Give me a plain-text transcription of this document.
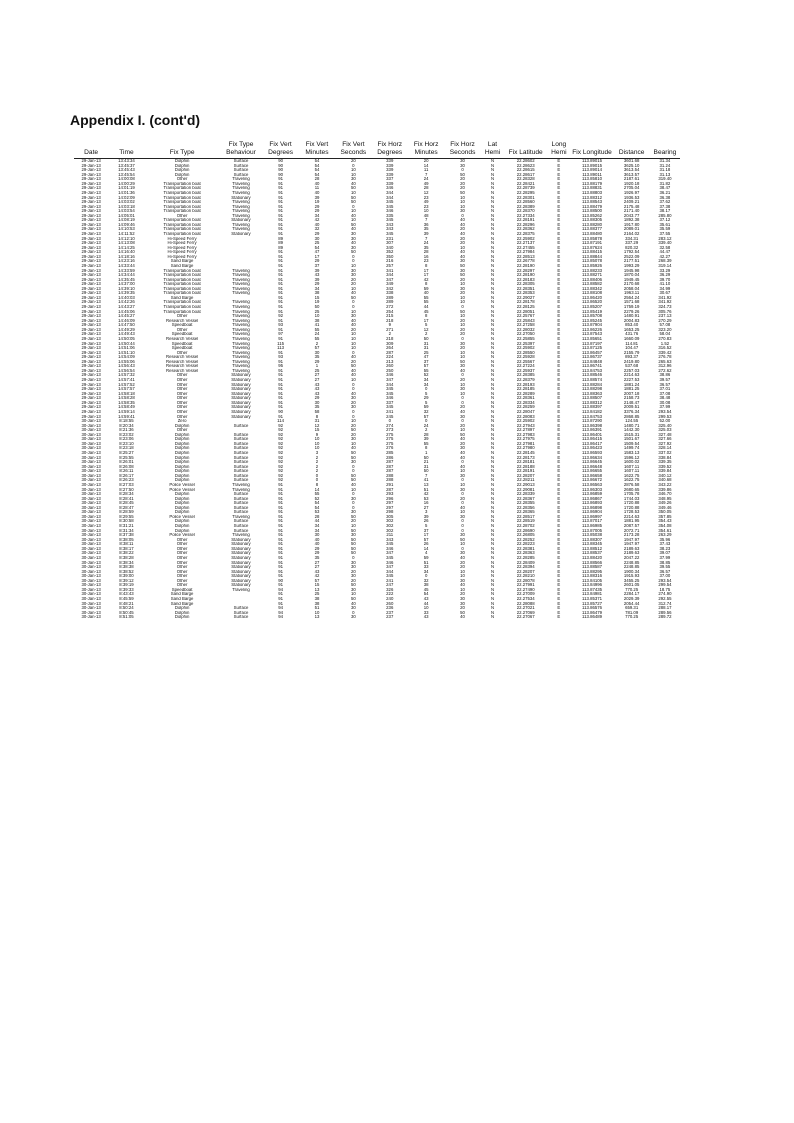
Appendix I. (cont'd)
Date	Time	Fix Type	Fix Type Behaviour	Fix Vert Degrees	Fix Vert Minutes	Fix Vert Seconds	Fix Horz Degrees	Fix Horz Minutes	Fix Horz Seconds	Lat Hemi	Fix Latitude	Long Hemi	Fix Longitude	Distance	Bearing
29-Jan-13	13:43:34	Dolphin	Surface	90	54	20	339	20	30	N	22.28602	E	113.89015	3601.68	31.34
29-Jan-13	13:45:37	Dolphin	Surface	90	54	0	339	14	30	N	22.28623	E	113.89015	3625.10	31.24
29-Jan-13	13:45:43	Dolphin	Surface	90	54	10	339	11	0	N	22.28615	E	113.89014	3613.54	31.18
29-Jan-13	13:45:54	Dolphin	Surface	90	54	10	339	7	50	N	22.28617	E	113.89011	3613.57	31.13
29-Jan-13	14:00:08	Other	Traveling	91	28	30	337	24	20	N	22.28328	E	113.85810	2187.61	319.40
29-Jan-13	14:00:29	Transportation boat	Traveling	91	40	40	339	49	20	N	22.28421	E	113.88179	1920.18	31.82
29-Jan-13	14:01:19	Transportation boat	Traveling	91	11	50	346	28	20	N	22.28739	E	113.88831	2705.04	38.47
29-Jan-13	14:01:36	Transportation boat	Traveling	91	40	10	344	12	50	N	22.28295	E	113.88803	1926.97	36.21
29-Jan-13	14:02:09	Transportation boat	Stationary	91	39	50	344	23	10	N	22.28301	E	113.88312	1936.53	36.38
29-Jan-13	14:03:02	Transportation boat	Traveling	91	19	50	345	49	10	N	22.28560	E	113.88543	2409.21	37.62
29-Jan-13	14:03:18	Transportation boat	Traveling	91	29	0	345	23	10	N	22.28389	E	113.88479	2175.48	37.38
29-Jan-13	14:03:54	Transportation boat	Traveling	91	29	10	346	10	30	N	22.28370	E	113.88500	2171.40	38.17
29-Jan-13	14:05:01	Other	Traveling	91	34	40	335	48	0	N	22.27334	E	113.85262	2043.77	285.80
29-Jan-13	14:08:19	Transportation boat	Stationary	91	42	10	345	7	40	N	22.28191	E	113.88305	1892.38	37.12
29-Jan-13	14:09:46	Transportation boat	Traveling	91	40	50	343	36	40	N	22.28296	E	113.88280	1917.80	35.61
29-Jan-13	14:10:53	Transportation boat	Traveling	91	32	40	343	35	20	N	22.28362	E	113.88377	2089.01	35.59
29-Jan-13	14:11:52	Transportation boat	Stationary	91	29	30	345	39	40	N	22.28375	E	113.88480	2164.02	37.55
29-Jan-13	14:12:10	Hi-Speed Ferry		89	30	30	231	7	20	N	22.25902	E	113.85878	334.31	283.12
29-Jan-13	14:13:08	Hi-Speed Ferry		89	25	40	307	24	20	N	22.27137	E	113.87191	337.29	339.40
29-Jan-13	14:14:25	Hi-Speed Ferry		89	54	30	340	35	10	N	22.27455	E	113.87624	820.32	32.58
29-Jan-13	14:16:40	Hi-Speed Ferry		91	47	50	352	28	40	N	22.27984	E	113.88415	1792.54	44.47
29-Jan-13	14:18:16	Hi-Speed Ferry		91	17	0	350	16	40	N	22.28513	E	113.88844	2522.09	42.27
29-Jan-13	14:23:16	Sand Barge		91	29	0	216	23	30	N	22.26778	E	113.85078	2177.51	268.39
29-Jan-13	14:33:44	Sand Barge		91	37	10	257	8	50	N	22.28190	E	113.85926	1993.29	319.14
29-Jan-13	14:33:59	Transportation boat	Traveling	91	39	30	341	17	30	N	22.28297	E	113.88233	1945.98	33.29
29-Jan-13	14:34:44	Transportation boat	Traveling	91	43	30	344	17	50	N	22.28190	E	113.88271	1870.04	36.29
29-Jan-13	14:35:45	Transportation boat	Traveling	91	39	20	347	42	20	N	22.28183	E	113.88406	1949.45	39.70
29-Jan-13	14:37:00	Transportation boat	Traveling	91	29	20	349	8	10	N	22.28305	E	113.88582	2170.68	41.10
29-Jan-13	14:39:10	Transportation boat	Traveling	91	34	10	342	59	30	N	22.28351	E	113.88342	2058.04	34.99
29-Jan-13	14:39:35	Transportation boat	Traveling	91	38	40	338	40	20	N	22.28353	E	113.88108	1963.11	30.67
29-Jan-13	14:40:03	Sand Barge		91	15	50	289	55	10	N	22.29027	E	113.86420	2564.24	341.92
29-Jan-13	14:42:26	Transportation boat	Traveling	91	19	0	289	55	10	N	22.28178	E	113.86520	1571.68	341.92
29-Jan-13	14:43:27	Transportation boat	Traveling	91	50	0	272	44	0	N	22.28125	E	113.85207	1759.19	324.73
29-Jan-13	14:45:06	Transportation boat	Traveling	91	25	10	254	45	50	N	22.28051	E	113.85419	2279.26	305.76
29-Jan-13	14:45:27	Other	Traveling	92	10	30	215	8	10	N	22.25767	E	113.85708	1480.91	237.13
29-Jan-13	14:46:09	Research Vessel	Traveling	91	38	40	218	17	20	N	22.25843	E	113.85245	2004.83	270.29
29-Jan-13	14:47:50	Speedboat	Traveling	93	41	40	9	5	10	N	22.27258	E	113.87904	853.40	57.08
29-Jan-13	14:49:29	Other	Traveling	91	55	20	271	12	20	N	22.28032	E	113.86226	1653.25	323.20
29-Jan-13	14:49:43	Speedboat	Traveling	97	24	10	2	2	20	N	22.27050	E	113.87543	431.76	58.04
29-Jan-13	14:50:05	Research Vessel	Traveling	91	55	10	218	50	0	N	22.25855	E	113.85651	1660.09	270.83
29-Jan-13	14:50:44	Speedboat	Traveling	115	2	10	309	31	30	N	22.25397	E	113.87197	114.81	1.52
29-Jan-13	14:51:06	Speedboat	Traveling	113	57	10	264	31	20	N	22.25902	E	113.87125	104.47	316.52
29-Jan-13	14:51:10	Other	Traveling	91	30	0	287	25	10	N	22.28550	E	113.86457	2155.79	339.42
29-Jan-13	14:54:09	Research Vessel	Traveling	93	35	40	224	47	10	N	22.25928	E	113.86737	893.37	276.78
29-Jan-13	14:55:06	Research Vessel	Traveling	91	29	20	213	37	50	N	22.25567	E	113.84848	2419.80	265.63
29-Jan-13	14:56:43	Research Vessel	Traveling	95	1	50	260	57	30	N	22.27224	E	113.86741	537.68	312.96
29-Jan-13	14:56:54	Research Vessel	Traveling	91	25	40	250	55	40	N	22.25937	E	113.84753	2257.03	272.62
29-Jan-13	14:57:32	Other	Stationary	91	27	40	346	52	0	N	22.28385	E	113.88546	2214.63	38.86
29-Jan-13	14:57:41	Other	Stationary	91	27	10	347	34	20	N	22.28379	E	113.88574	2227.53	39.57
29-Jan-13	14:57:52	Other	Stationary	91	43	0	344	34	10	N	22.28193	E	113.88284	1881.24	36.57
29-Jan-13	14:57:57	Other	Stationary	91	43	0	345	0	30	N	22.28185	E	113.88298	1881.25	37.01
29-Jan-13	14:58:18	Other	Stationary	91	43	40	345	5	10	N	22.28289	E	113.88363	2007.18	37.08
29-Jan-13	14:58:28	Other	Stationary	91	29	30	346	29	0	N	22.28361	E	113.88507	2158.73	38.48
29-Jan-13	14:58:35	Other	Stationary	91	30	20	337	5	0	N	22.28334	E	113.88312	2148.47	30.08
29-Jan-13	14:58:49	Other	Stationary	91	35	30	345	59	20	N	22.28259	E	113.88397	2009.51	37.99
29-Jan-13	14:59:14	Other	Stationary	90	58	0	241	32	40	N	22.28047	E	113.84182	3376.34	293.54
29-Jan-13	14:59:41	Other	Stationary	91	8	0	245	57	30	N	22.28083	E	113.84753	2868.85	299.53
30-Jan-13	8:18:55	Zero		114	31	10	0	0	0	N	22.25902	E	113.87290	124.55	52.00
30-Jan-13	8:20:34	Dolphin	Surface	92	12	20	274	24	20	N	22.27943	E	113.86398	1480.71	325.40
30-Jan-13	8:21:36	Other		92	15	50	273	2	10	N	22.27897	E	113.86391	1442.30	325.03
30-Jan-13	8:23:02	Dolphin	Surface	92	9	20	275	28	50	N	22.27983	E	113.86401	1515.31	327.48
30-Jan-13	8:23:06	Dolphin	Surface	92	10	30	275	39	40	N	22.27975	E	113.86415	1501.67	327.66
30-Jan-13	8:23:10	Dolphin	Surface	92	10	10	275	55	20	N	22.27981	E	113.86417	1509.54	327.92
30-Jan-13	8:23:18	Dolphin	Surface	92	10	40	276	8	30	N	22.27980	E	113.86423	1499.74	328.14
30-Jan-13	8:25:27	Dolphin	Surface	92	3	50	285	1	40	N	22.28145	E	113.86593	1583.13	337.02
30-Jan-13	8:25:55	Dolphin	Surface	92	2	50	286	50	40	N	22.28173	E	113.86634	1596.12	338.84
30-Jan-13	8:26:01	Dolphin	Surface	92	2	30	287	21	0	N	22.28181	E	113.86645	1600.02	339.35
30-Jan-13	8:26:08	Dolphin	Surface	92	2	0	287	31	40	N	22.28188	E	113.86648	1607.11	339.52
30-Jan-13	8:26:11	Dolphin	Surface	92	2	0	287	50	10	N	22.28191	E	113.86655	1607.11	339.84
30-Jan-13	8:26:17	Dolphin	Surface	92	0	50	288	7	30	N	22.28207	E	113.86658	1622.75	340.12
30-Jan-13	8:26:23	Dolphin	Surface	92	0	50	288	41	0	N	22.28211	E	113.86672	1622.75	340.68
30-Jan-13	8:27:03	Police Vessel	Traveling	91	8	40	291	13	10	N	22.29013	E	113.86563	2876.58	343.22
30-Jan-13	8:27:50	Police Vessel	Traveling	91	14	10	287	51	30	N	22.29081	E	113.86303	2680.65	339.86
30-Jan-13	8:28:34	Dolphin	Surface	91	55	0	293	42	0	N	22.28339	E	113.86859	1705.78	346.70
30-Jan-13	8:28:41	Dolphin	Surface	91	52	30	296	53	20	N	22.28367	E	113.86867	1744.03	348.95
30-Jan-13	8:28:45	Dolphin	Surface	91	54	0	297	16	0	N	22.28355	E	113.86893	1720.88	349.26
30-Jan-13	8:28:47	Dolphin	Surface	91	54	0	297	27	40	N	22.28356	E	113.86898	1720.88	349.46
30-Jan-13	8:28:59	Dolphin	Surface	91	53	30	298	3	10	N	22.28365	E	113.86904	1728.53	350.05
30-Jan-13	8:29:55	Police Vessel	Traveling	91	28	50	305	39	30	N	22.28517	E	113.86997	2214.63	357.85
30-Jan-13	8:30:58	Dolphin	Surface	91	44	20	302	26	0	N	22.28519	E	113.87017	1881.95	354.43
30-Jan-13	8:31:21	Dolphin	Surface	91	34	10	302	5	0	N	22.28702	E	113.86985	2087.57	354.08
30-Jan-13	8:31:34	Dolphin	Surface	91	34	50	302	37	0	N	22.28690	E	113.87005	2072.71	354.61
30-Jan-13	8:37:38	Police Vessel	Traveling	91	30	30	211	17	30	N	22.26805	E	113.85038	2173.28	263.29
30-Jan-13	8:38:05	Other	Stationary	91	40	50	343	57	50	N	22.28252	E	113.88307	1947.97	35.96
30-Jan-13	8:38:11	Other	Stationary	91	40	50	345	26	10	N	22.28223	E	113.88345	1947.97	37.43
30-Jan-13	8:38:17	Other	Stationary	91	29	50	346	14	0	N	22.28381	E	113.88512	2189.63	38.23
30-Jan-13	8:38:22	Other	Stationary	91	29	50	347	4	30	N	22.28363	E	113.88537	2189.63	39.07
30-Jan-13	8:38:28	Other	Stationary	91	35	0	345	59	40	N	22.28285	E	113.88420	2047.22	37.99
30-Jan-13	8:38:34	Other	Stationary	91	27	30	346	51	20	N	22.28409	E	113.88566	2248.85	38.85
30-Jan-13	8:38:38	Other	Stationary	91	27	30	347	33	20	N	22.28394	E	113.88587	2248.85	39.55
30-Jan-13	8:38:52	Other	Stationary	91	43	20	344	34	10	N	22.28207	E	113.88295	1900.34	36.57
30-Jan-13	8:39:00	Other	Stationary	91	42	30	345	0	10	N	22.28210	E	113.88316	1915.93	37.00
30-Jan-13	8:39:12	Other	Stationary	90	57	20	241	32	30	N	22.28078	E	113.84105	3455.25	293.54
30-Jan-13	8:39:19	Other	Stationary	91	15	50	247	38	40	N	22.27991	E	113.84996	2601.05	299.54
30-Jan-13	8:39:33	Speedboat	Traveling	94	13	30	326	45	10	N	22.27490	E	113.87435	770.25	18.75
30-Jan-13	8:43:43	Sand Barge		91	25	10	222	54	20	N	22.27009	E	113.84981	2284.17	274.90
30-Jan-13	8:45:59	Sand Barge		91	38	50	240	43	30	N	22.27534	E	113.85371	2029.39	292.55
30-Jan-13	8:48:21	Sand Barge		91	38	40	260	44	30	N	22.28088	E	113.85727	2054.44	312.74
30-Jan-13	8:50:24	Dolphin	Surface	94	51	30	236	10	20	N	22.27021	E	113.86576	659.31	288.17
30-Jan-13	8:50:45	Dolphin	Surface	94	10	0	237	33	50	N	22.27069	E	113.86479	781.09	289.56
30-Jan-13	8:51:05	Dolphin	Surface	94	13	30	237	43	40	N	22.27067	E	113.86489	770.25	289.72
